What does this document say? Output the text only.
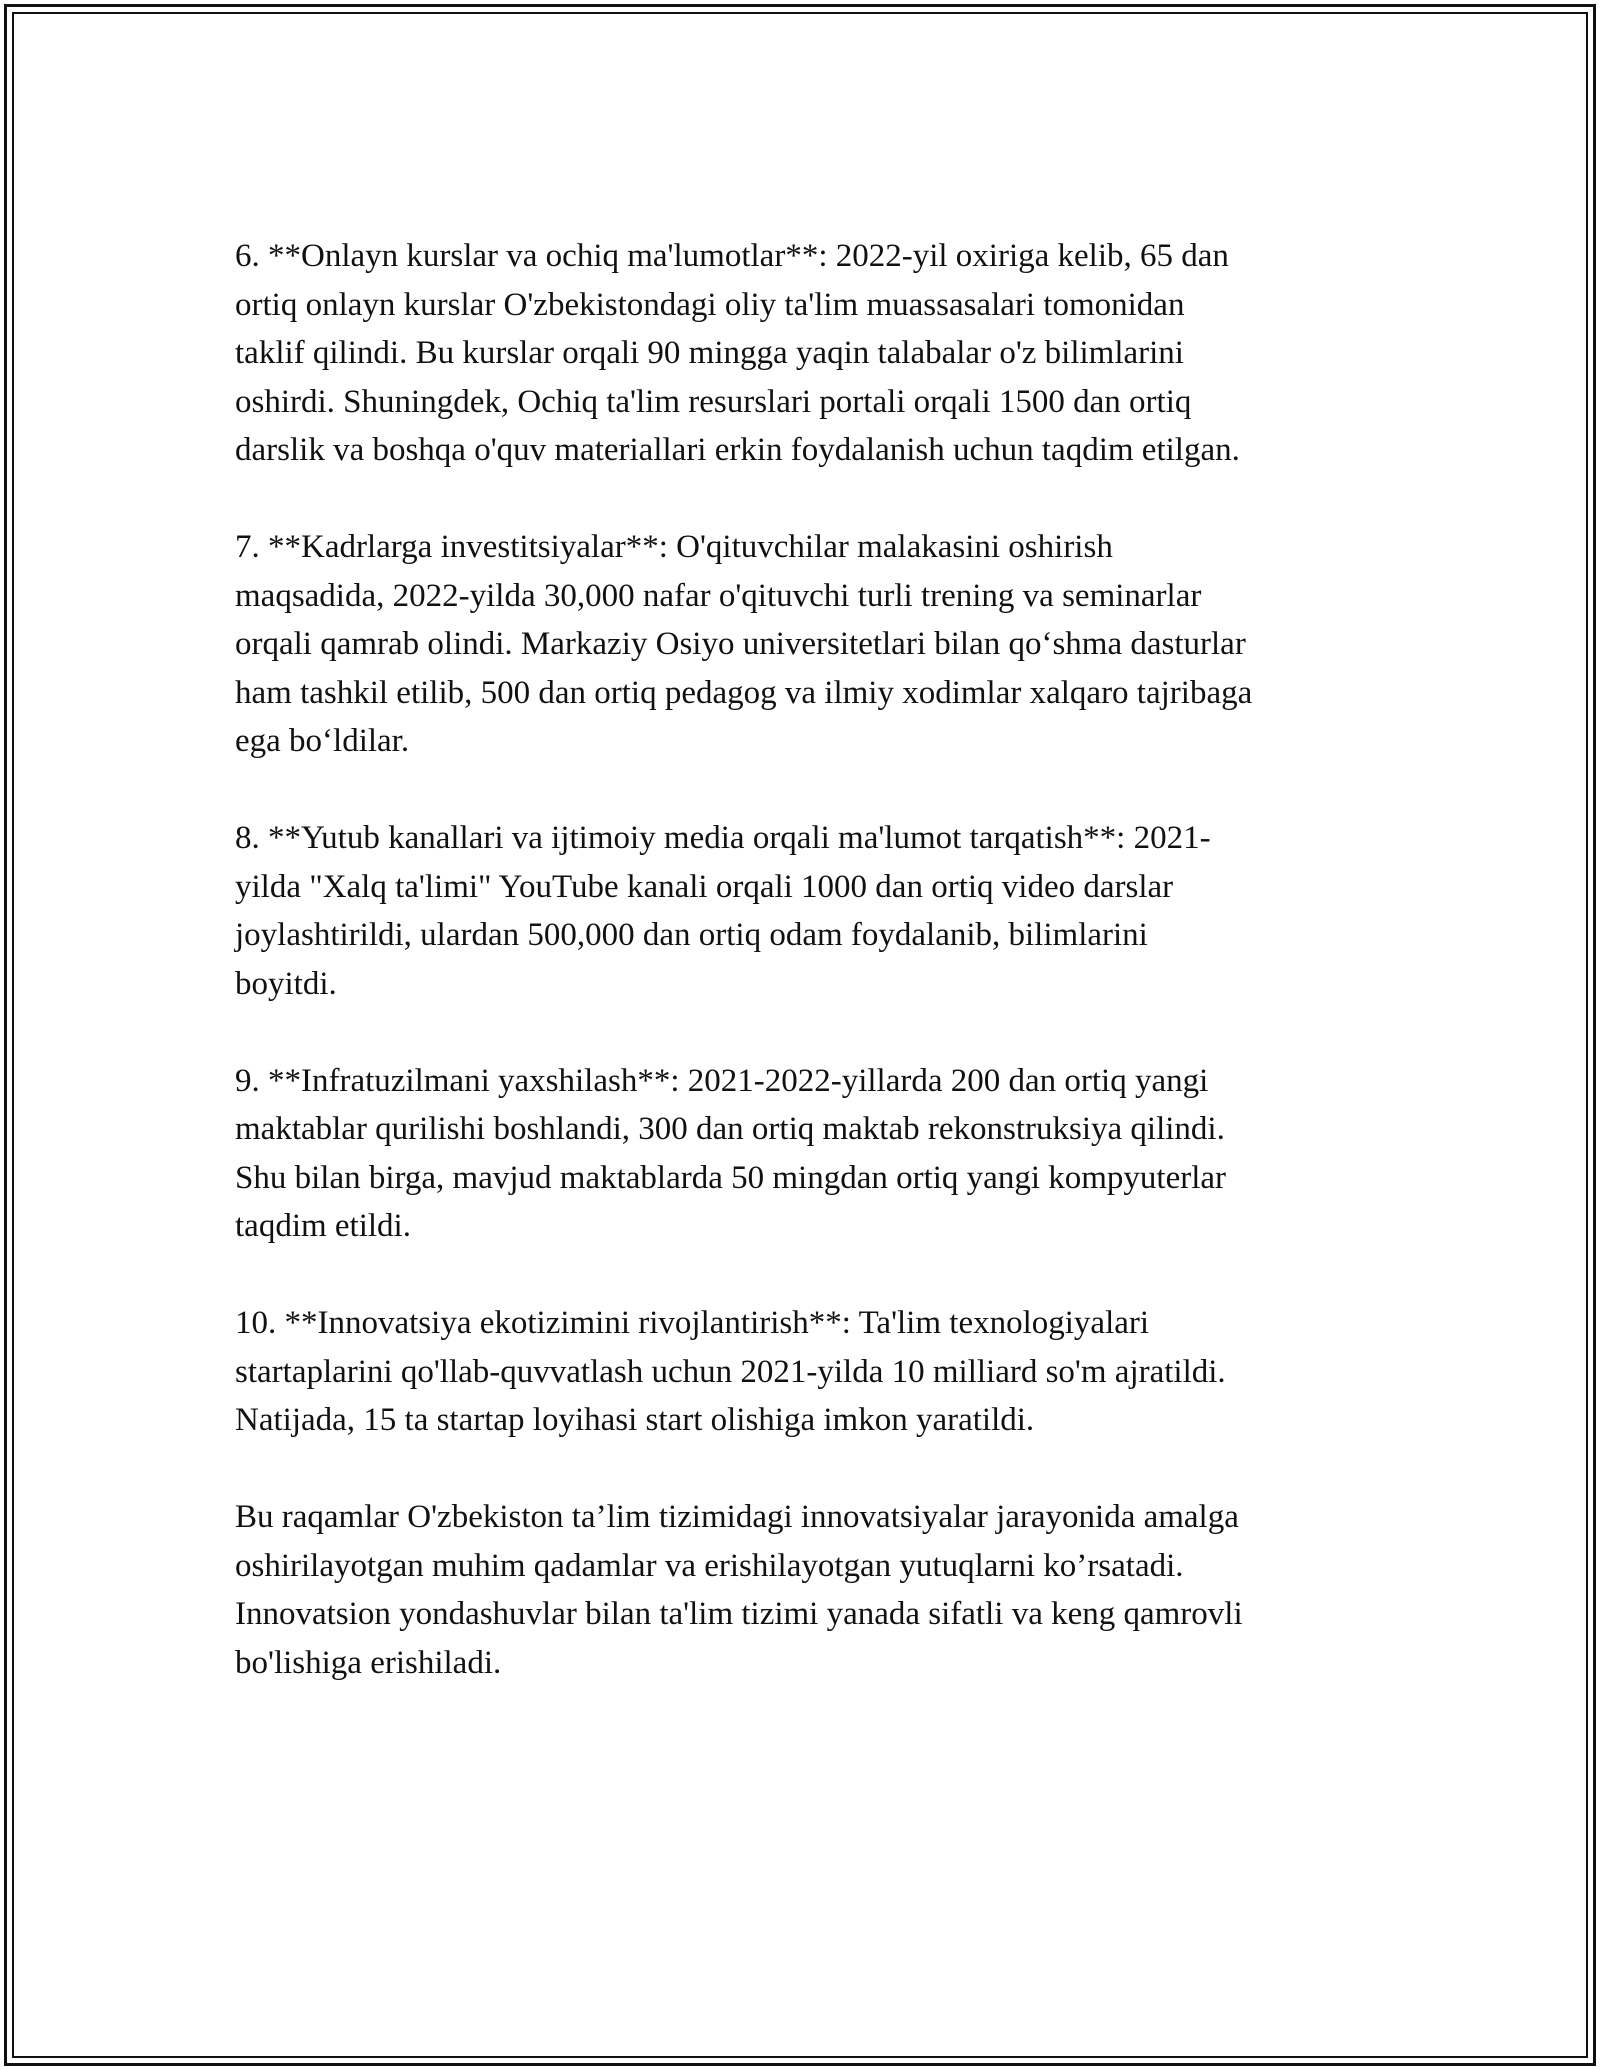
6. **Onlayn kurslar va ochiq ma'lumotlar**: 2022-yil oxiriga kelib, 65 dan
ortiq onlayn kurslar O'zbekistondagi oliy ta'lim muassasalari tomonidan
taklif qilindi. Bu kurslar orqali 90 mingga yaqin talabalar o'z bilimlarini
oshirdi. Shuningdek, Ochiq ta'lim resurslari portali orqali 1500 dan ortiq
darslik va boshqa o'quv materiallari erkin foydalanish uchun taqdim etilgan.

7. **Kadrlarga investitsiyalar**: O'qituvchilar malakasini oshirish
maqsadida, 2022-yilda 30,000 nafar o'qituvchi turli trening va seminarlar
orqali qamrab olindi. Markaziy Osiyo universitetlari bilan qo‘shma dasturlar
ham tashkil etilib, 500 dan ortiq pedagog va ilmiy xodimlar xalqaro tajribaga
ega bo‘ldilar.

8. **Yutub kanallari va ijtimoiy media orqali ma'lumot tarqatish**: 2021-
yilda "Xalq ta'limi" YouTube kanali orqali 1000 dan ortiq video darslar
joylashtirildi, ulardan 500,000 dan ortiq odam foydalanib, bilimlarini
boyitdi.

9. **Infratuzilmani yaxshilash**: 2021-2022-yillarda 200 dan ortiq yangi
maktablar qurilishi boshlandi, 300 dan ortiq maktab rekonstruksiya qilindi.
Shu bilan birga, mavjud maktablarda 50 mingdan ortiq yangi kompyuterlar
taqdim etildi.

10. **Innovatsiya ekotizimini rivojlantirish**: Ta'lim texnologiyalari
startaplarini qo'llab-quvvatlash uchun 2021-yilda 10 milliard so'm ajratildi.
Natijada, 15 ta startap loyihasi start olishiga imkon yaratildi.

Bu raqamlar O'zbekiston ta’lim tizimidagi innovatsiyalar jarayonida amalga
oshirilayotgan muhim qadamlar va erishilayotgan yutuqlarni ko’rsatadi.
Innovatsion yondashuvlar bilan ta'lim tizimi yanada sifatli va keng qamrovli
bo'lishiga erishiladi.
